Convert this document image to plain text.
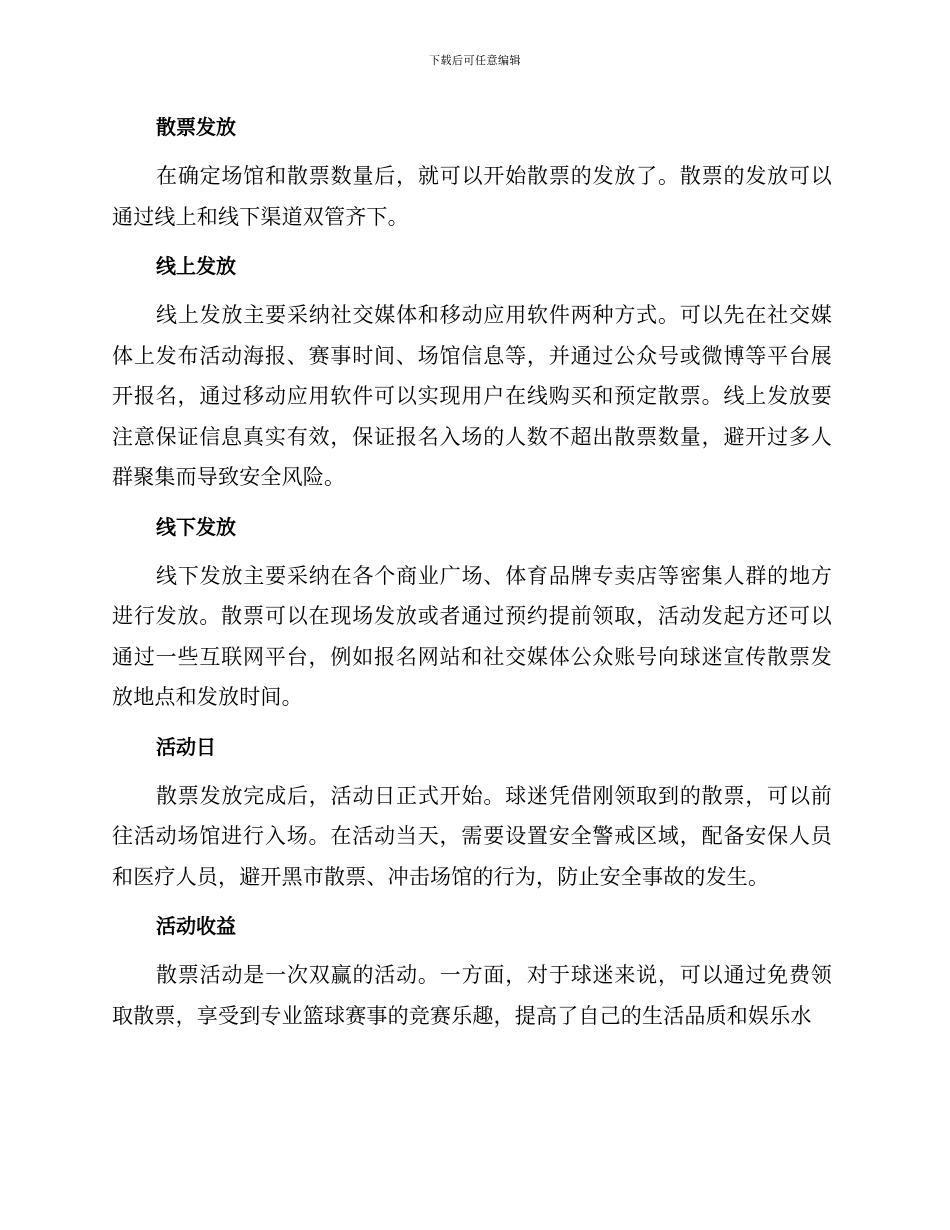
下载后可任意编辑
散票发放

在确定场馆和散票数量后，就可以开始散票的发放了。散票的发放可以通过线上和线下渠道双管齐下。

线上发放

线上发放主要采纳社交媒体和移动应用软件两种方式。可以先在社交媒体上发布活动海报、赛事时间、场馆信息等，并通过公众号或微博等平台展开报名，通过移动应用软件可以实现用户在线购买和预定散票。线上发放要注意保证信息真实有效，保证报名入场的人数不超出散票数量，避开过多人群聚集而导致安全风险。

线下发放

线下发放主要采纳在各个商业广场、体育品牌专卖店等密集人群的地方进行发放。散票可以在现场发放或者通过预约提前领取，活动发起方还可以通过一些互联网平台，例如报名网站和社交媒体公众账号向球迷宣传散票发放地点和发放时间。

活动日

散票发放完成后，活动日正式开始。球迷凭借刚领取到的散票，可以前往活动场馆进行入场。在活动当天，需要设置安全警戒区域，配备安保人员和医疗人员，避开黑市散票、冲击场馆的行为，防止安全事故的发生。

活动收益

散票活动是一次双赢的活动。一方面，对于球迷来说，可以通过免费领取散票，享受到专业篮球赛事的竞赛乐趣，提高了自己的生活品质和娱乐水
